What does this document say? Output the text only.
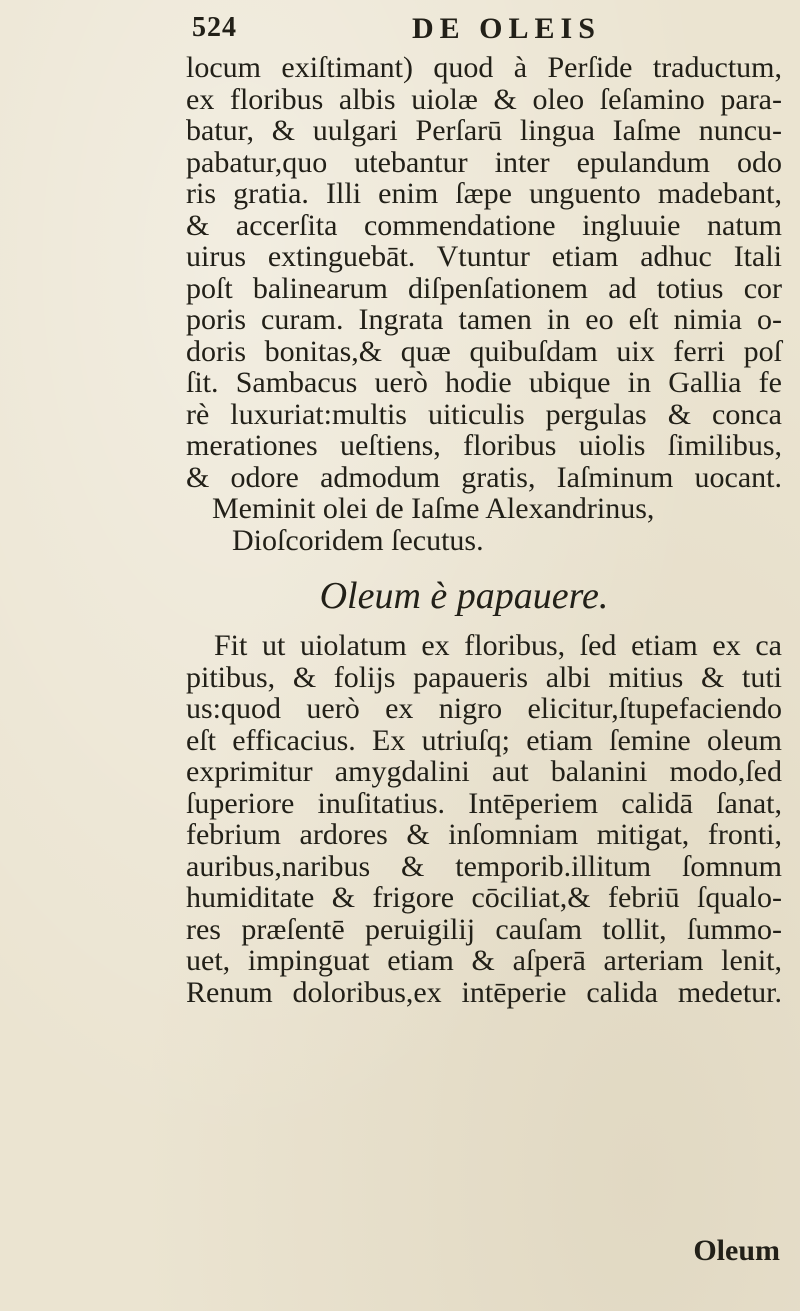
524	DE OLEIS
locum exiſtimant) quod à Perſide traductum,
ex floribus albis uiolæ & oleo ſeſamino para-
batur, & uulgari Perſarū lingua Iaſme nuncu-
pabatur,quo utebantur inter epulandum odo
ris gratia. Illi enim ſæpe unguento madebant,
& accerſita commendatione ingluuie natum
uirus extinguebāt. Vtuntur etiam adhuc Itali
poſt balinearum diſpenſationem ad totius cor
poris curam. Ingrata tamen in eo eſt nimia o-
doris bonitas,& quæ quibuſdam uix ferri poſ
ſit. Sambacus uerò hodie ubique in Gallia fe
rè luxuriat:multis uiticulis pergulas & conca
merationes ueſtiens, floribus uiolis ſimilibus,
& odore admodum gratis, Iaſminum uocant.
Meminit olei de Iaſme Alexandrinus,
Dioſcoridem ſecutus.
Oleum è papauere.
Fit ut uiolatum ex floribus, ſed etiam ex ca
pitibus, & folijs papaueris albi mitius & tuti
us:quod uerò ex nigro elicitur,ſtupefaciendo
eſt efficacius. Ex utriuſq; etiam ſemine oleum
exprimitur amygdalini aut balanini modo,ſed
ſuperiore inuſitatius. Intēperiem calidā ſanat,
febrium ardores & inſomniam mitigat, fronti,
auribus,naribus & temporib.illitum ſomnum
humiditate & frigore cōciliat,& febriū ſqualo-
res præſentē peruigilij cauſam tollit, ſummo-
uet, impinguat etiam & aſperā arteriam lenit,
Renum doloribus,ex intēperie calida medetur.
Oleum
